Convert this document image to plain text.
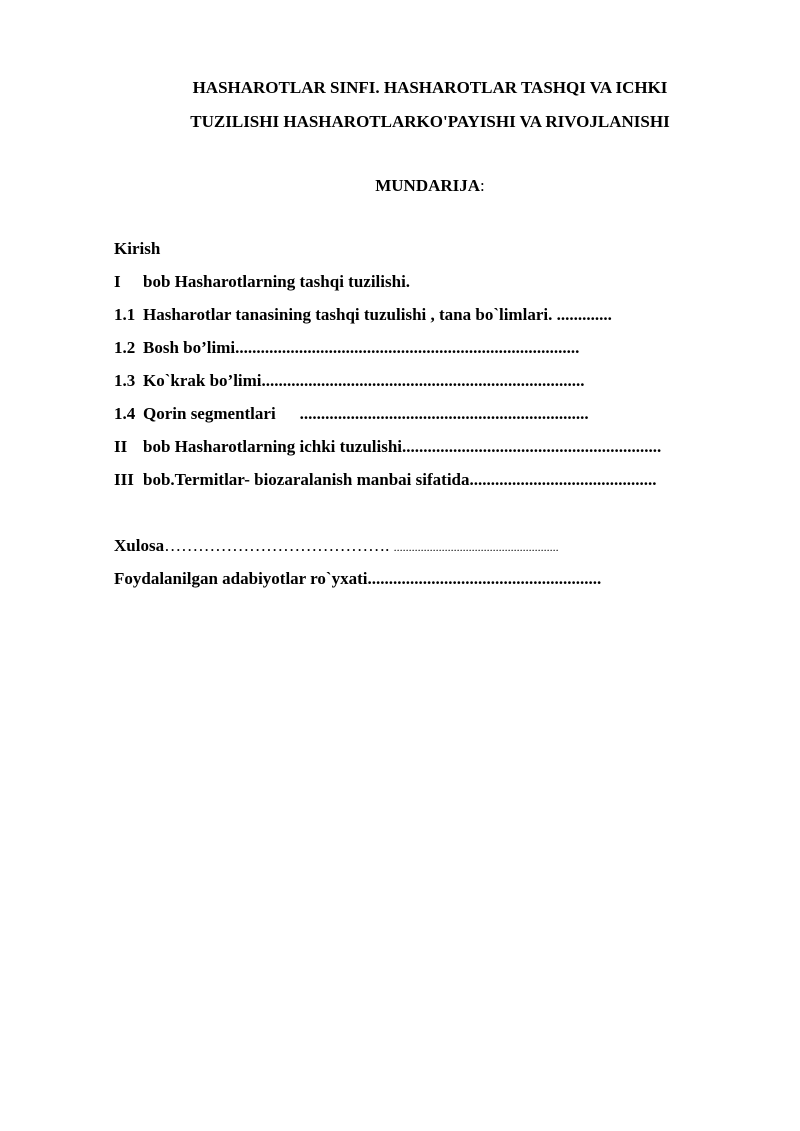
HASHAROTLAR SINFI. HASHAROTLAR TASHQI VA ICHKI
TUZILISHI HASHAROTLARKO'PAYISHI VA RIVOJLANISHI
MUNDARIJA:
Kirish
I bob Hasharotlarning tashqi tuzilishi.
1.1 Hasharotlar tanasining tashqi tuzulishi , tana bo`limlari. .............
1.2 Bosh bo’limi.................................................................................
1.3 Ko`krak bo’limi............................................................................
1.4 Qorin segmentlari ....................................................................
II bob Hasharotlarning ichki tuzulishi.............................................................
III bob.Termitlar- biozaralanish manbai sifatida............................................
Xulosa…………………………………. .......................................................
Foydalanilgan adabiyotlar ro`yxati.......................................................
